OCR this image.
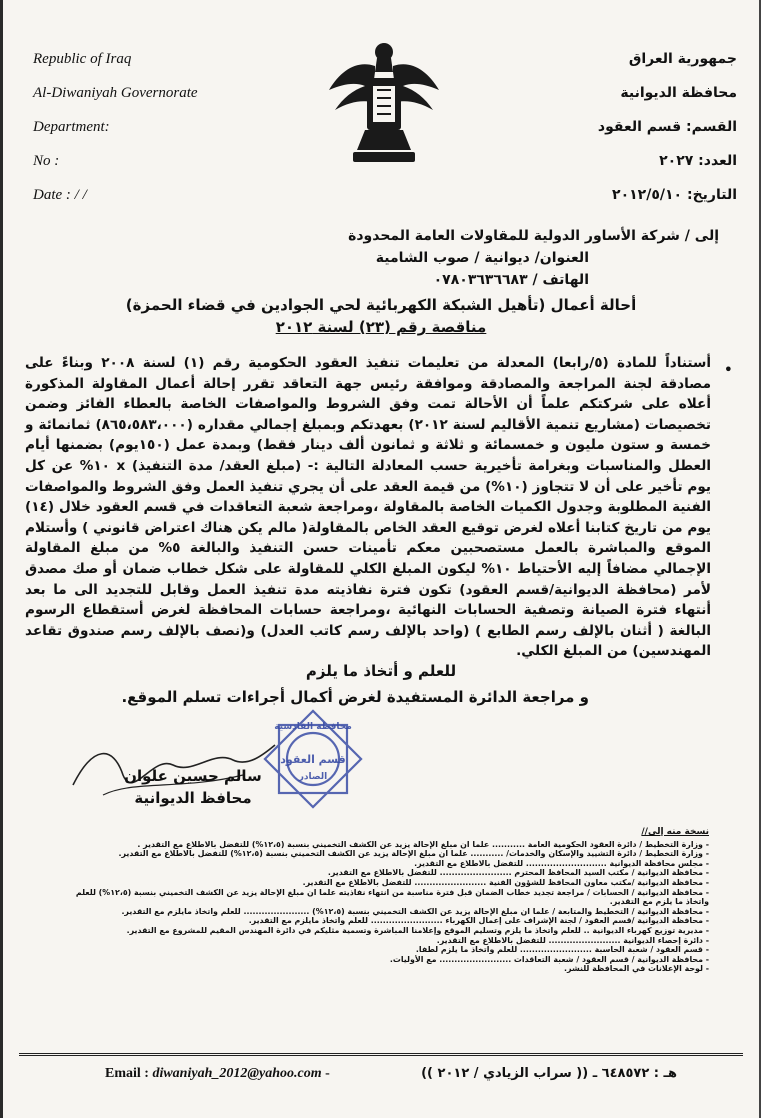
Republic of Iraq
Al-Diwaniyah Governorate
Department:
No :
Date : / /
جمهورية العراق
محافظة الديوانية
القسم: قسم العقود
العدد: ٢٠٢٧
التاريخ: ٢٠١٢/٥/١٠
إلى / شركة الأساور الدولية للمقاولات العامة المحدودة
العنوان/ ديوانية / صوب الشامية
الهاتف / ٠٧٨٠٣٦٣٦٦٨٣
أحالة أعمال (تأهيل الشبكة الكهربائية لحي الجوادين في قضاء الحمزة)
مناقصة رقم (٢٣) لسنة ٢٠١٢
•
أستناداً للمادة (٥/رابعا) المعدلة من تعليمات تنفيذ العقود الحكومية رقم (١) لسنة ٢٠٠٨ وبناءً على مصادقة لجنة المراجعة والمصادقة وموافقة رئيس جهة التعاقد تقرر إحالة أعمال المقاولة المذكورة أعلاه على شركتكم علماً أن الأحالة تمت وفق الشروط والمواصفات الخاصة بالعطاء الفائز وضمن تخصيصات (مشاريع تنمية الأقاليم لسنة ٢٠١٢) بعهدتكم وبمبلغ إجمالي مقداره (٨٦٥،٥٨٣،٠٠٠) ثمانمائة و خمسة و ستون مليون و خمسمائة و ثلاثة و ثمانون ألف دينار فقط) وبمدة عمل (١٥٠يوم) بضمنها أيام العطل والمناسبات وبغرامة تأخيرية حسب المعادلة التالية :- (مبلغ العقد/ مدة التنفيذ) x ١٠% عن كل يوم تأخير على أن لا تتجاوز (١٠%) من قيمة العقد على أن يجري تنفيذ العمل وفق الشروط والمواصفات الفنية المطلوبة وجدول الكميات الخاصة بالمقاولة ،ومراجعة شعبة التعاقدات في قسم العقود خلال (١٤) يوم من تاريخ كتابنا أعلاه لغرض توقيع العقد الخاص بالمقاولة( مالم يكن هناك اعتراض قانوني ) وأستلام الموقع والمباشرة بالعمل مستصحبين معكم تأمينات حسن التنفيذ والبالغة ٥% من مبلغ المقاولة الإجمالي مضافاً إليه الأحتياط ١٠% ليكون المبلغ الكلي للمقاولة على شكل خطاب ضمان أو صك مصدق لأمر (محافظة الديوانية/قسم العقود) تكون فترة نفاذيته مدة تنفيذ العمل وقابل للتجديد الى ما بعد أنتهاء فترة الصيانة وتصفية الحسابات النهائية ،ومراجعة حسابات المحافظة لغرض أستقطاع الرسوم البالغة ( أثنان بالإلف رسم الطابع ) (واحد بالإلف رسم كاتب العدل) و(نصف بالإلف رسم صندوق تقاعد المهندسين) من المبلغ الكلي.
للعلم و أتخاذ ما يلزم
و مراجعة الدائرة المستفيدة لغرض أكمال أجراءات تسلم الموقع.
محافظة القادسية
قسم العقود
الصادر
سالم حسين علوان
محافظ الديوانية
نسخة منه إلى//
- وزارة التخطيط / دائرة العقود الحكومية العامة ........... علما ان مبلغ الإحالة يزيد عن الكشف التخميني بنسبة (١٢،٥%) للتفضل بالاطلاع مع التقدير .
- وزارة التخطيط / دائرة التشييد والإسكان والخدمات/ ........... علما ان مبلغ الإحالة يزيد عن الكشف التخميني بنسبة (١٢،٥%) للتفضل بالاطلاع مع التقدير.
- مجلس محافظة الديوانية ........................... للتفضل بالاطلاع مع التقدير.
- محافظة الديوانية / مكتب السيد المحافظ المحترم ........................ للتفضل بالاطلاع مع التقدير.
- محافظة الديوانية /مكتب معاون المحافظ للشؤون الفنية ........................ للتفضل بالاطلاع مع التقدير.
- محافظة الديوانية / الحسابات / مراجعة تجديد خطاب الضمان قبل فترة مناسبة من انتهاء نفاذيته علما ان مبلغ الإحالة يزيد عن الكشف التخميني بنسبة (١٢،٥%) للعلم واتخاذ ما يلزم مع التقدير.
- محافظة الديوانية / التخطيط والمتابعة / علما ان مبلغ الإحالة يزيد عن الكشف التخميني بنسبة (١٢،٥%) ...................... للعلم واتخاذ مايلزم مع التقدير.
- محافظة الديوانية /قسم العقود / لجنة الإشراف على إعمال الكهرباء ........................ للعلم واتخاذ مايلزم مع التقدير.
- مديرية توزيع كهرباء الديوانية .. للعلم واتخاذ ما يلزم وتسليم الموقع وإعلامنا المباشرة وتسمية مثليكم في دائرة المهندس المقيم للمشروع مع التقدير.
- دائرة إحصاء الديوانية ........................ للتفضل بالاطلاع مع التقدير.
- قسم العقود / شعبة الحاسبة ........................ للعلم واتخاذ ما يلزم لطفا.
- محافظة الديوانية / قسم العقود / شعبة التعاقدات ........................ مع الأوليات.
- لوحة الإعلانات في المحافظة للنشر.
Email : diwaniyah_2012@yahoo.com -	هـ : ٦٤٨٥٧٢ ـ (( سراب الزيادي / ٢٠١٢ ))
